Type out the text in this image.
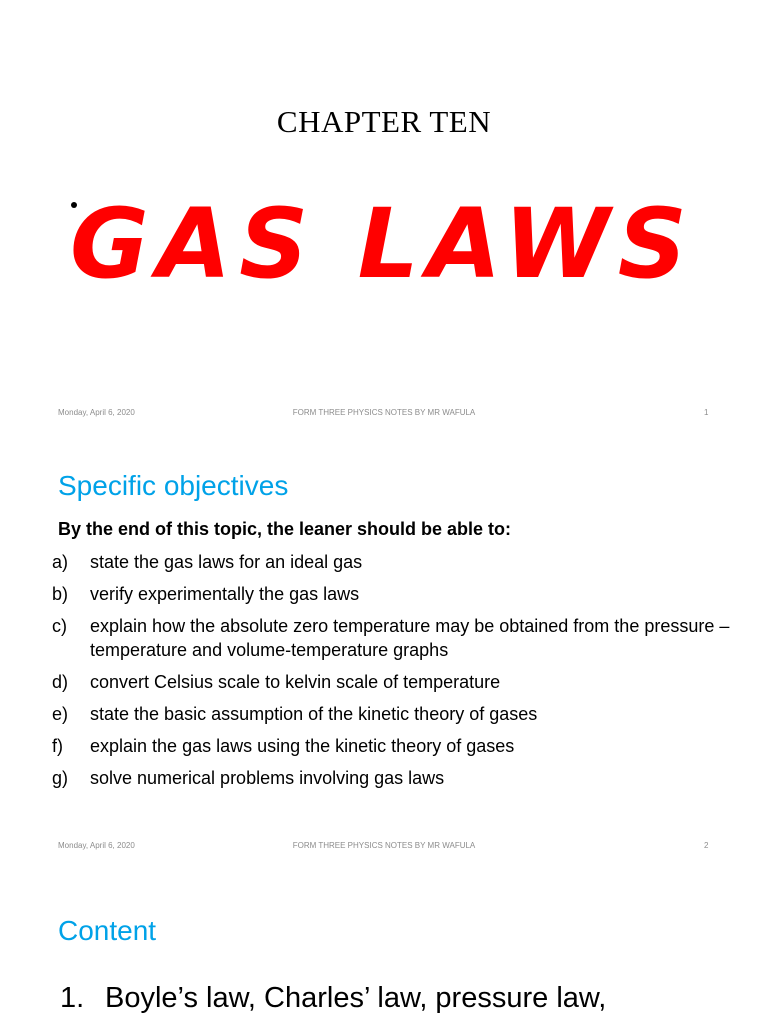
CHAPTER TEN
GAS LAWS
Monday, April 6, 2020	FORM THREE PHYSICS NOTES BY MR WAFULA	1
Specific objectives
By the end of this topic, the leaner should be able to:
a) state the gas laws for an ideal gas
b) verify experimentally the gas laws
c) explain how the absolute zero temperature may be obtained from the pressure – temperature and volume-temperature graphs
d) convert Celsius scale to kelvin scale of temperature
e) state the basic assumption of the kinetic theory of gases
f) explain the gas laws using the kinetic theory of gases
g) solve numerical problems involving gas laws
Monday, April 6, 2020	FORM THREE PHYSICS NOTES BY MR WAFULA	2
Content
1. Boyle’s law, Charles’ law, pressure law,
